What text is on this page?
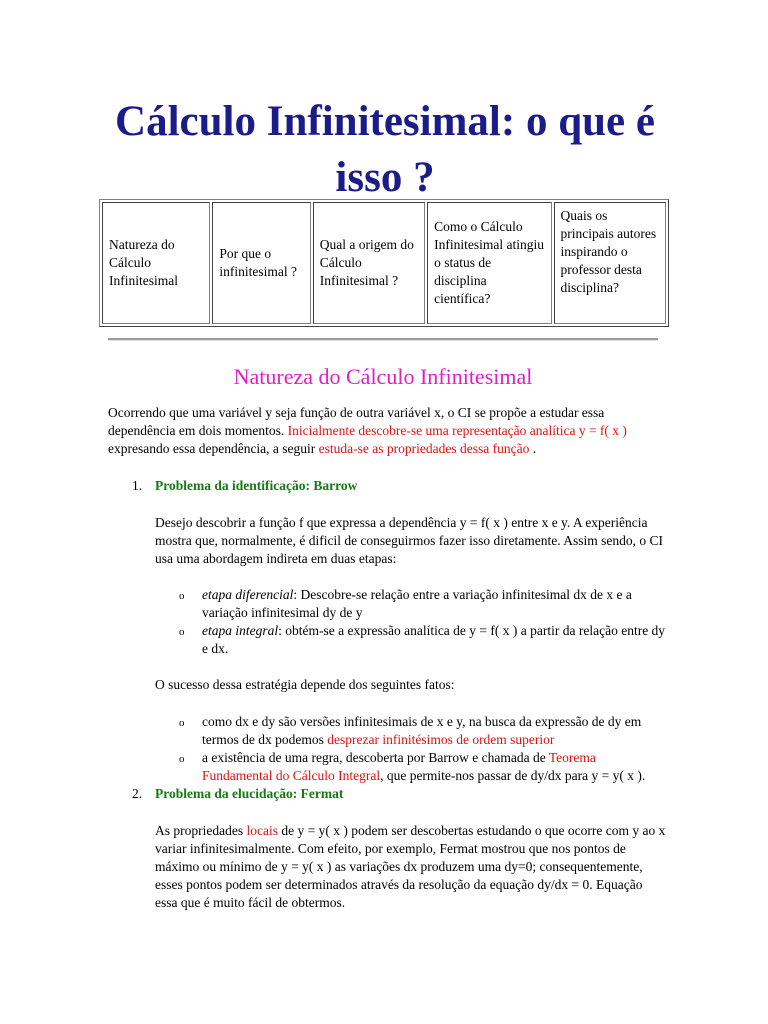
Cálculo Infinitesimal: o que é isso ?
Natureza do Cálculo Infinitesimal	Por que o infinitesimal ?	Qual a origem do Cálculo Infinitesimal ?	Como o Cálculo Infinitesimal atingiu o status de disciplina científica?	Quais os principais autores inspirando o professor desta disciplina?
Natureza do Cálculo Infinitesimal

Ocorrendo que uma variável y seja função de outra variável x, o CI se propõe a estudar essa dependência em dois momentos. Inicialmente descobre-se uma representação analítica y = f( x ) expresando essa dependência, a seguir estuda-se as propriedades dessa função .

1. Problema da identificação: Barrow

Desejo descobrir a função f que expressa a dependência y = f( x ) entre x e y. A experiência mostra que, normalmente, é dificil de conseguirmos fazer isso diretamente. Assim sendo, o CI usa uma abordagem indireta em duas etapas:

o etapa diferencial: Descobre-se relação entre a variação infinitesimal dx de x e a variação infinitesimal dy de y
o etapa integral: obtém-se a expressão analítica de y = f( x ) a partir da relação entre dy e dx.

O sucesso dessa estratégia depende dos seguintes fatos:

o como dx e dy são versões infinitesimais de x e y, na busca da expressão de dy em termos de dx podemos desprezar infinitésimos de ordem superior
o a existência de uma regra, descoberta por Barrow e chamada de Teorema Fundamental do Cálculo Integral, que permite-nos passar de dy/dx para y = y( x ).
2. Problema da elucidação: Fermat

As propriedades locais de y = y( x ) podem ser descobertas estudando o que ocorre com y ao x variar infinitesimalmente. Com efeito, por exemplo, Fermat mostrou que nos pontos de máximo ou mínimo de y = y( x ) as variações dx produzem uma dy=0; consequentemente, esses pontos podem ser determinados através da resolução da equação dy/dx = 0. Equação essa que é muito fácil de obtermos.
